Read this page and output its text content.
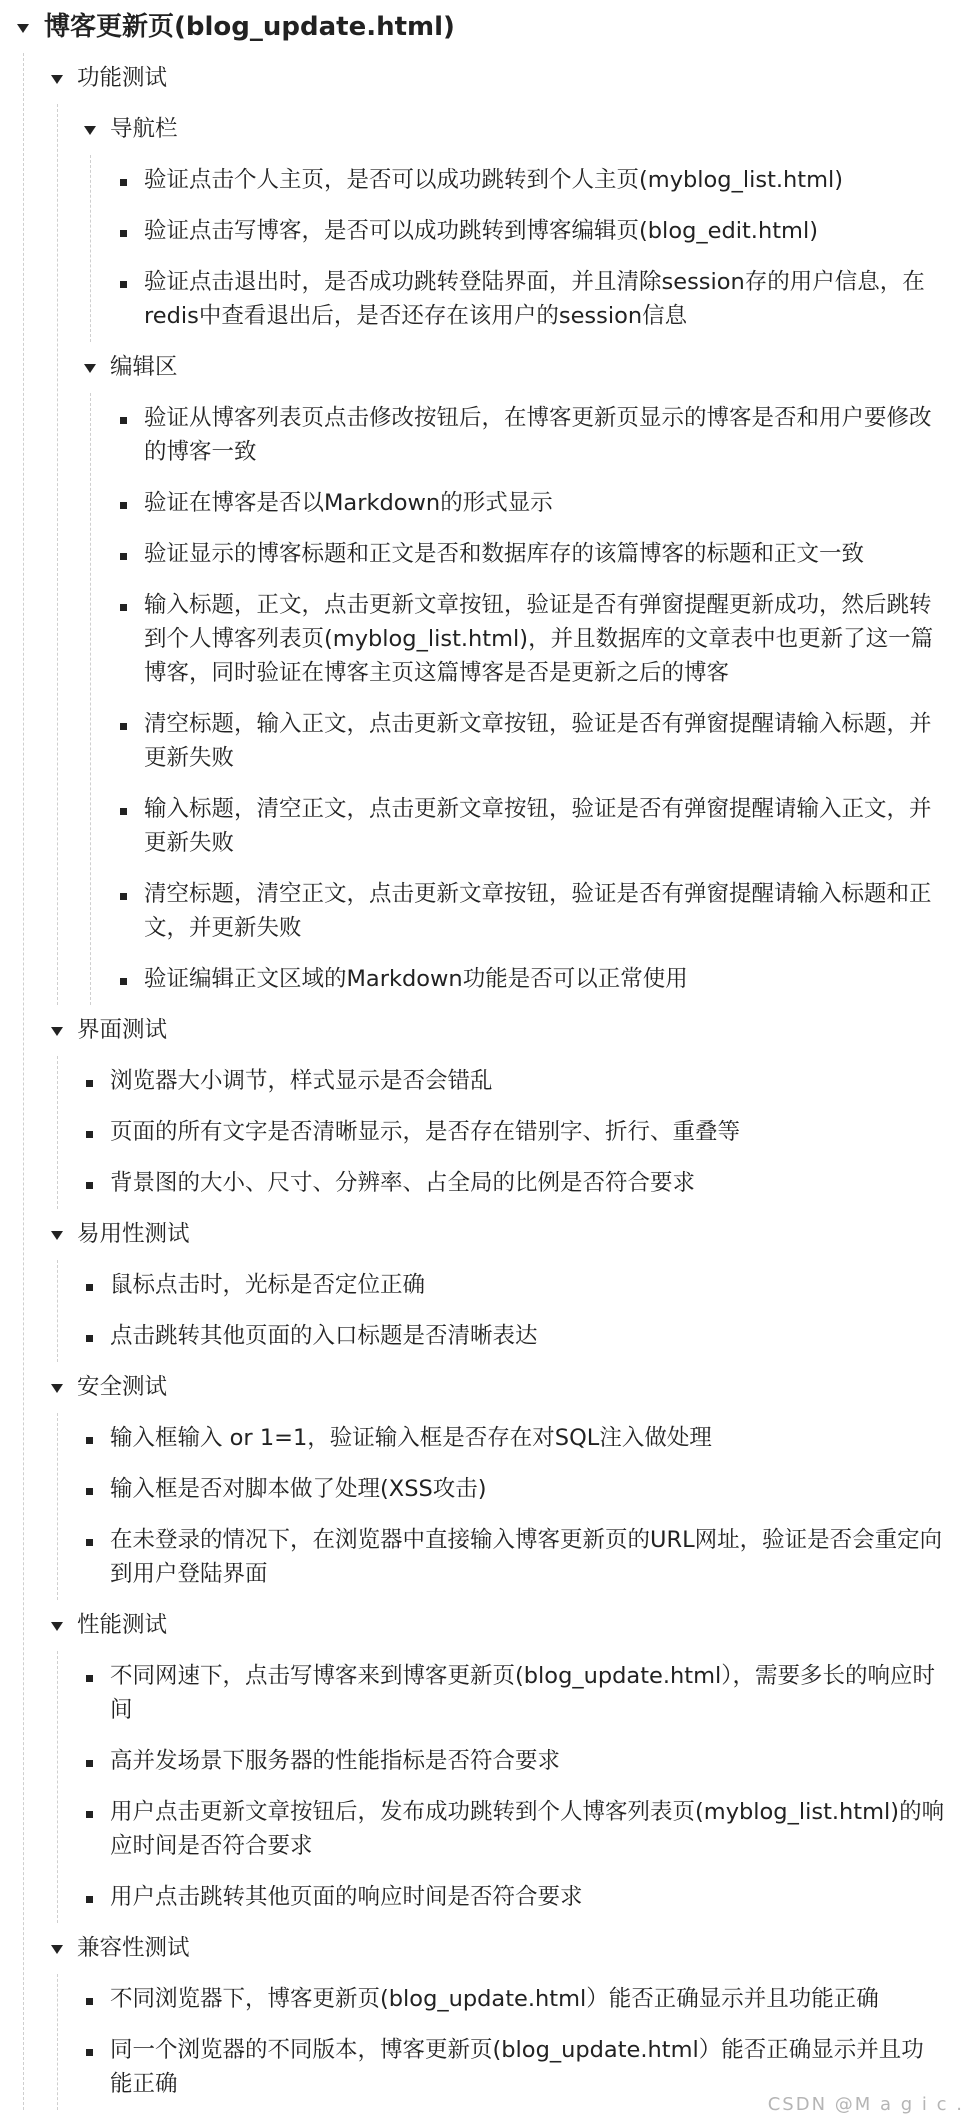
博客更新页(blog_update.html)
功能测试
导航栏
验证点击个人主页，是否可以成功跳转到个人主页(myblog_list.html)
验证点击写博客，是否可以成功跳转到博客编辑页(blog_edit.html)
验证点击退出时，是否成功跳转登陆界面，并且清除session存的用户信息，在redis中查看退出后，是否还存在该用户的session信息
编辑区
验证从博客列表页点击修改按钮后，在博客更新页显示的博客是否和用户要修改的博客一致
验证在博客是否以Markdown的形式显示
验证显示的博客标题和正文是否和数据库存的该篇博客的标题和正文一致
输入标题，正文，点击更新文章按钮，验证是否有弹窗提醒更新成功，然后跳转到个人博客列表页(myblog_list.html)，并且数据库的文章表中也更新了这一篇博客，同时验证在博客主页这篇博客是否是更新之后的博客
清空标题，输入正文，点击更新文章按钮，验证是否有弹窗提醒请输入标题，并更新失败
输入标题，清空正文，点击更新文章按钮，验证是否有弹窗提醒请输入正文，并更新失败
清空标题，清空正文，点击更新文章按钮，验证是否有弹窗提醒请输入标题和正文，并更新失败
验证编辑正文区域的Markdown功能是否可以正常使用
界面测试
浏览器大小调节，样式显示是否会错乱
页面的所有文字是否清晰显示，是否存在错别字、折行、重叠等
背景图的大小、尺寸、分辨率、占全局的比例是否符合要求
易用性测试
鼠标点击时，光标是否定位正确
点击跳转其他页面的入口标题是否清晰表达
安全测试
输入框输入 or 1=1，验证输入框是否存在对SQL注入做处理
输入框是否对脚本做了处理(XSS攻击)
在未登录的情况下，在浏览器中直接输入博客更新页的URL网址，验证是否会重定向到用户登陆界面
性能测试
不同网速下，点击写博客来到博客更新页(blog_update.html），需要多长的响应时间
高并发场景下服务器的性能指标是否符合要求
用户点击更新文章按钮后，发布成功跳转到个人博客列表页(myblog_list.html)的响应时间是否符合要求
用户点击跳转其他页面的响应时间是否符合要求
兼容性测试
不同浏览器下，博客更新页(blog_update.html）能否正确显示并且功能正确
同一个浏览器的不同版本，博客更新页(blog_update.html）能否正确显示并且功能正确
CSDN @M a g i c .
